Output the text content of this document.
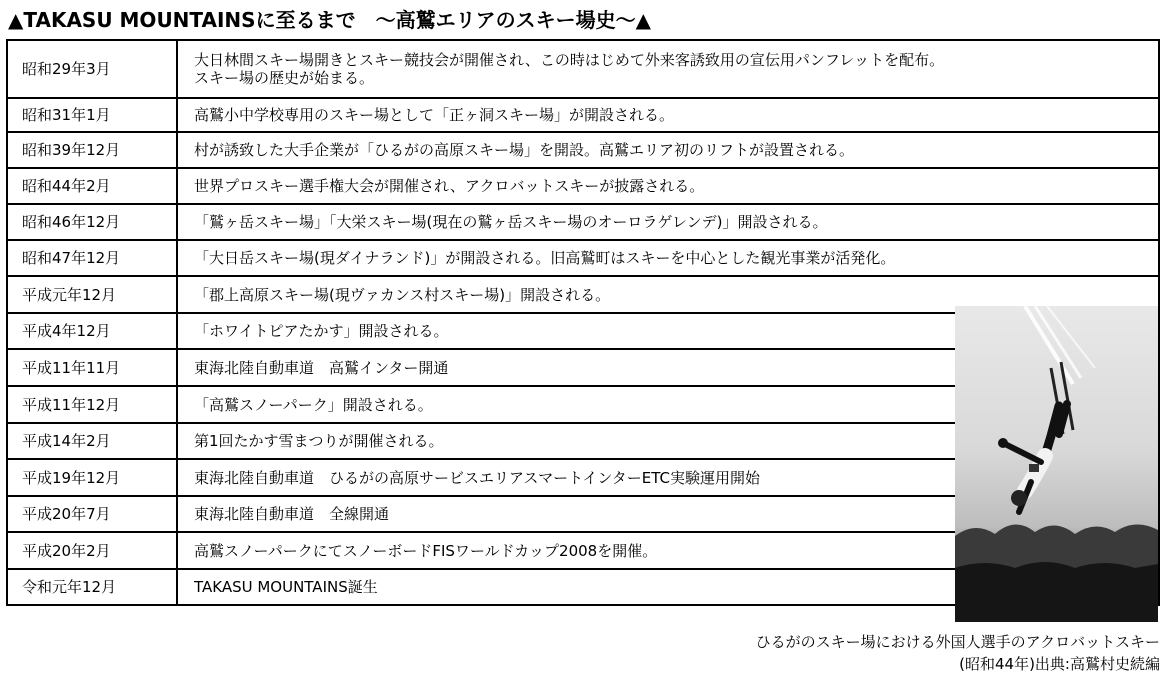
▲TAKASU MOUNTAINSに至るまで　～高鷲エリアのスキー場史～▲
昭和29年3月	大日林間スキー場開きとスキー競技会が開催され、この時はじめて外来客誘致用の宣伝用パンフレットを配布。
スキー場の歴史が始まる。

昭和31年1月	高鷲小中学校専用のスキー場として「正ヶ洞スキー場」が開設される。

昭和39年12月	村が誘致した大手企業が「ひるがの高原スキー場」を開設。高鷲エリア初のリフトが設置される。

昭和44年2月	世界プロスキー選手権大会が開催され、アクロバットスキーが披露される。

昭和46年12月	「鷲ヶ岳スキー場」「大栄スキー場(現在の鷲ヶ岳スキー場のオーロラゲレンデ)」開設される。

昭和47年12月	「大日岳スキー場(現ダイナランド)」が開設される。旧高鷲町はスキーを中心とした観光事業が活発化。

平成元年12月	「郡上高原スキー場(現ヴァカンス村スキー場)」開設される。

平成4年12月	「ホワイトピアたかす」開設される。

平成11年11月	東海北陸自動車道　高鷲インター開通

平成11年12月	「高鷲スノーパーク」開設される。

平成14年2月	第1回たかす雪まつりが開催される。

平成19年12月	東海北陸自動車道　ひるがの高原サービスエリアスマートインターETC実験運用開始

平成20年7月	東海北陸自動車道　全線開通

平成20年2月	高鷲スノーパークにてスノーボードFISワールドカップ2008を開催。

令和元年12月	TAKASU MOUNTAINS誕生
ひるがのスキー場における外国人選手のアクロバットスキー
(昭和44年)出典:高鷲村史続編
